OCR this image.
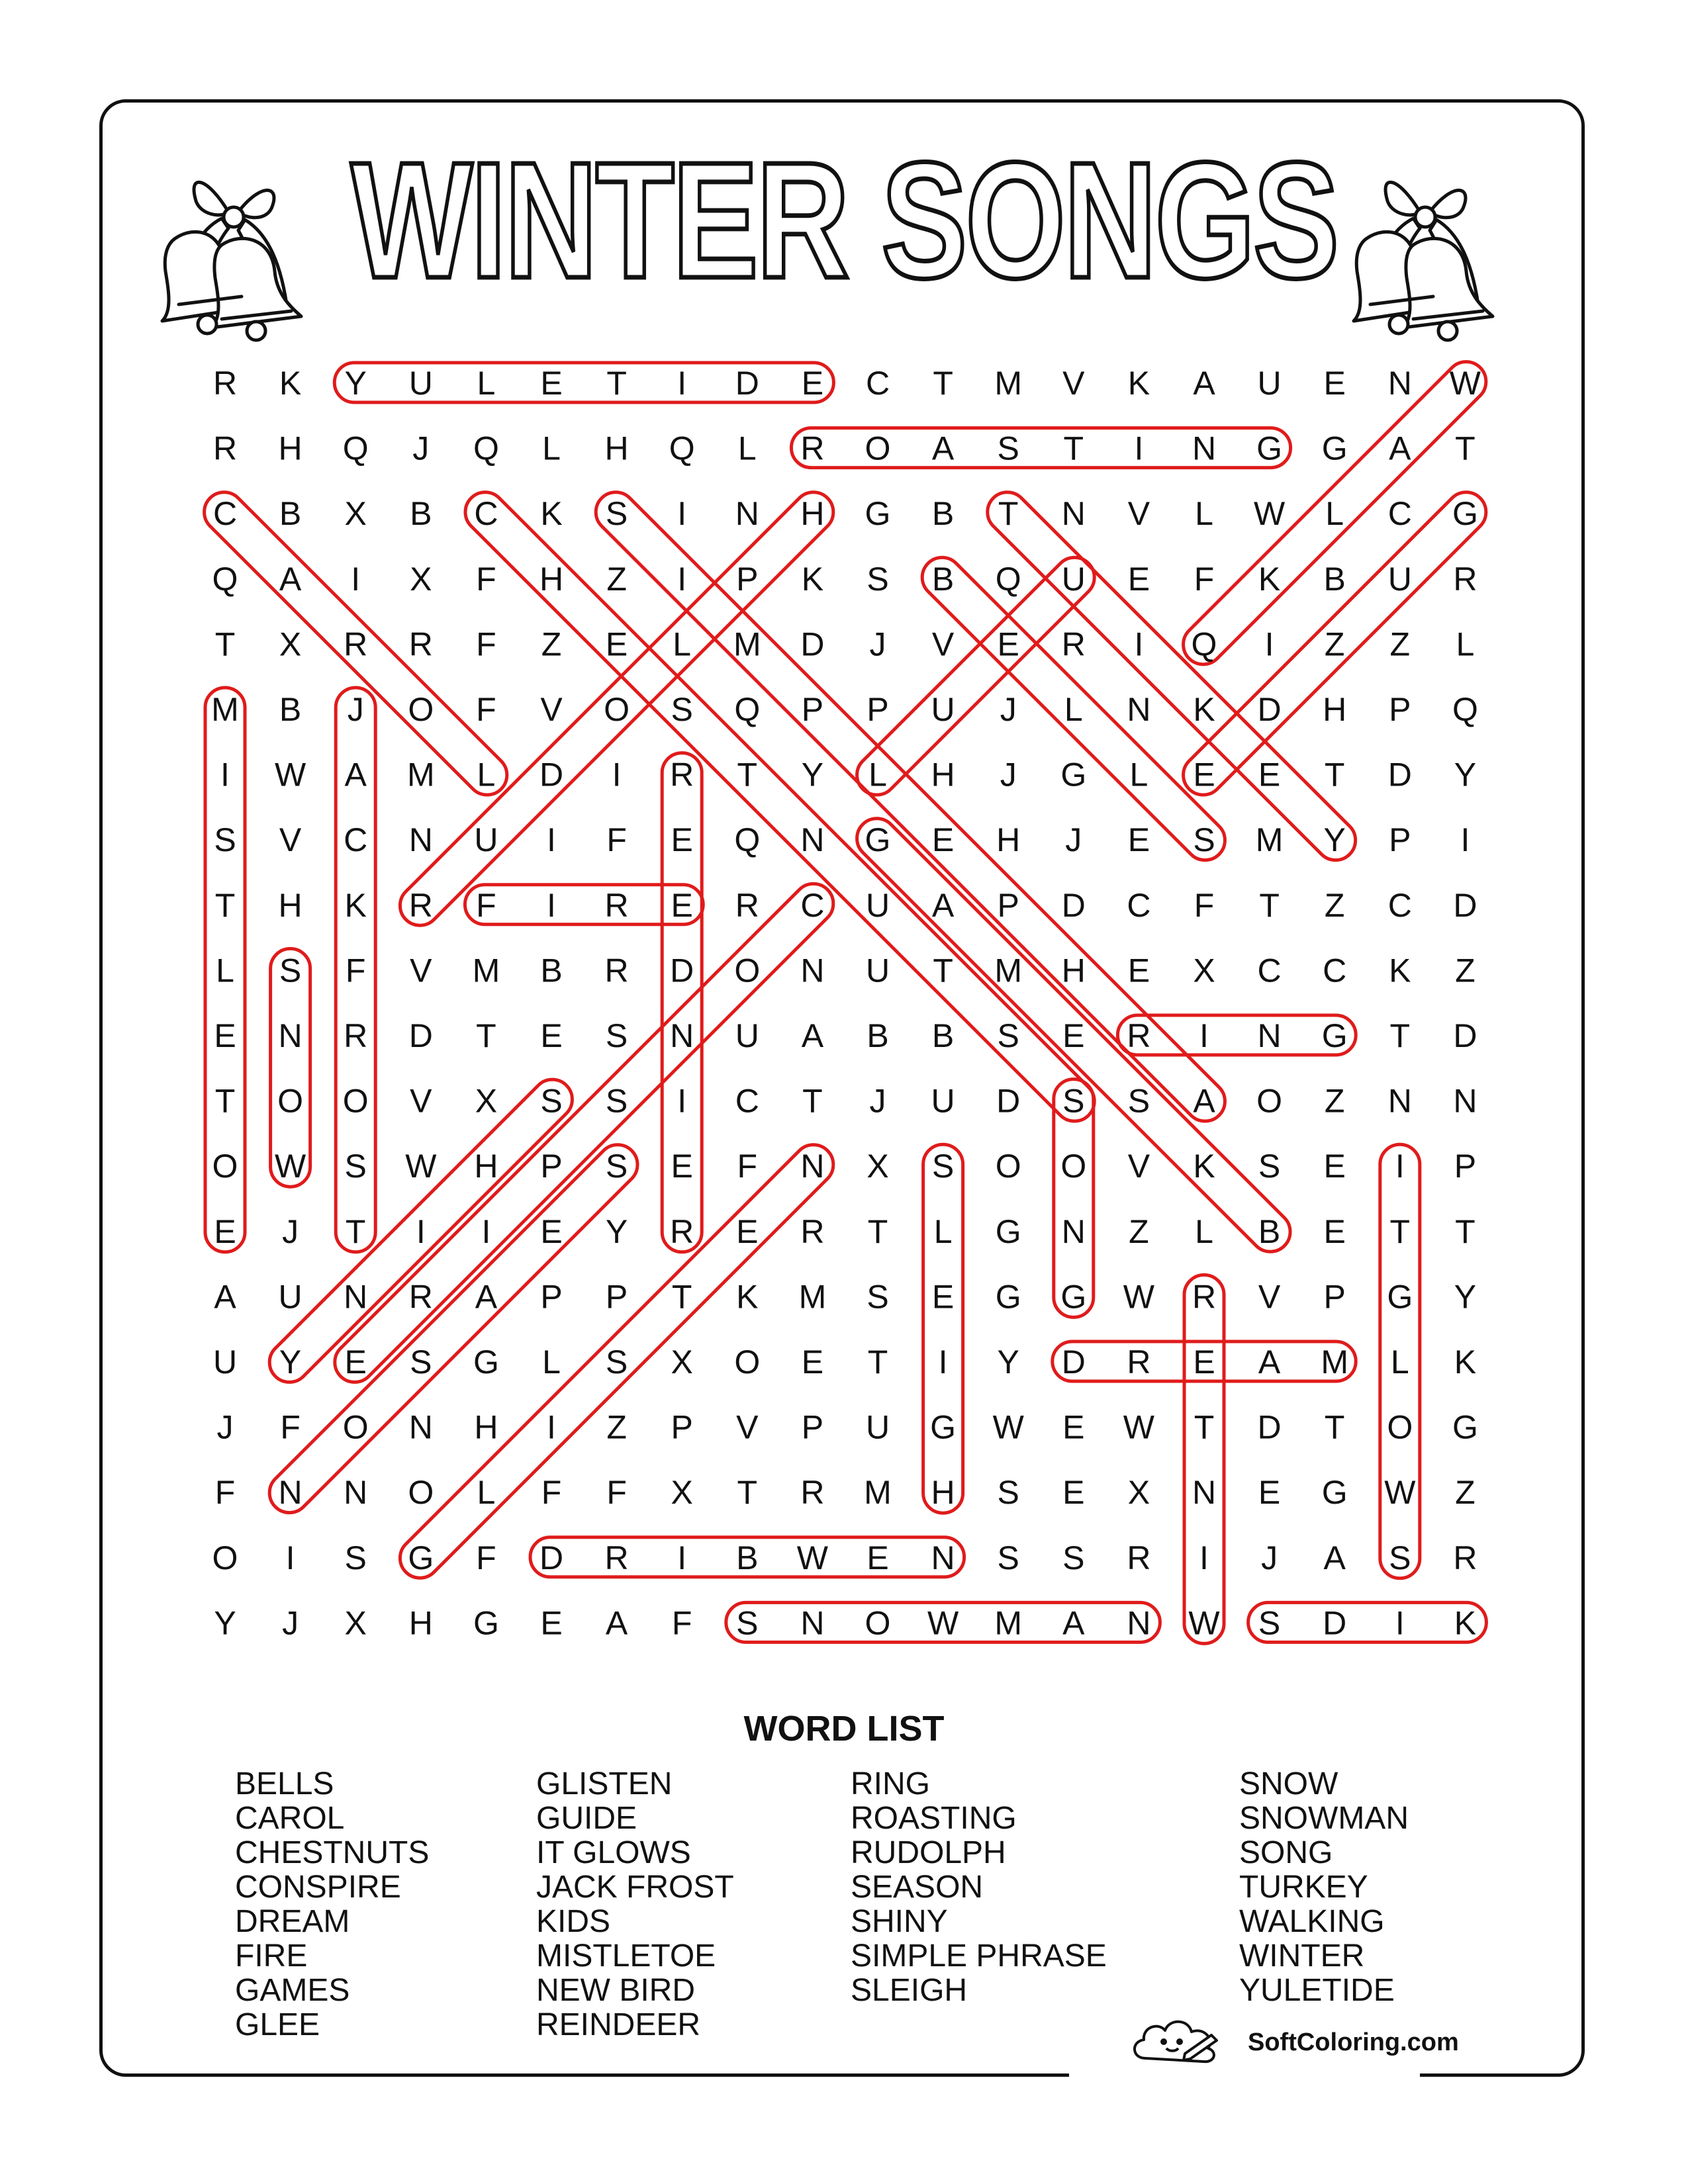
WINTER SONGS
R K Y U L E T I D E C T M V K A U E N W
R H Q J Q L H Q L R O A S T I N G G A T
C B X B C K S I N H G B T N V L W L C G
Q A I X F H Z I P K S B Q U E F K B U R
T X R R F Z E L M D J V E R I Q I Z Z L
M B J O F V O S Q P P U J L N K D H P Q
I W A M L D I R T Y L H J G L E E T D Y
S V C N U I F E Q N G E H J E S M Y P I
T H K R F I R E R C U A P D C F T Z C D
L S F V M B R D O N U T M H E X C C K Z
E N R D T E S N U A B B S E R I N G T D
T O O V X S S I C T J U D S S A O Z N N
O W S W H P S E F N X S O O V K S E I P
E J T I I E Y R E R T L G N Z L B E T T
A U N R A P P T K M S E G G W R V P G Y
U Y E S G L S X O E T I Y D R E A M L K
J F O N H I Z P V P U G W E W T D T O G
F N N O L F F X T R M H S E X N E G W Z
O I S G F D R I B W E N S S R I J A S R
Y J X H G E A F S N O W M A N W S D I K
WORD LIST
BELLS
CAROL
CHESTNUTS
CONSPIRE
DREAM
FIRE
GAMES
GLEE
GLISTEN
GUIDE
IT GLOWS
JACK FROST
KIDS
MISTLETOE
NEW BIRD
REINDEER
RING
ROASTING
RUDOLPH
SEASON
SHINY
SIMPLE PHRASE
SLEIGH
SNOW
SNOWMAN
SONG
TURKEY
WALKING
WINTER
YULETIDE
SoftColoring.com
